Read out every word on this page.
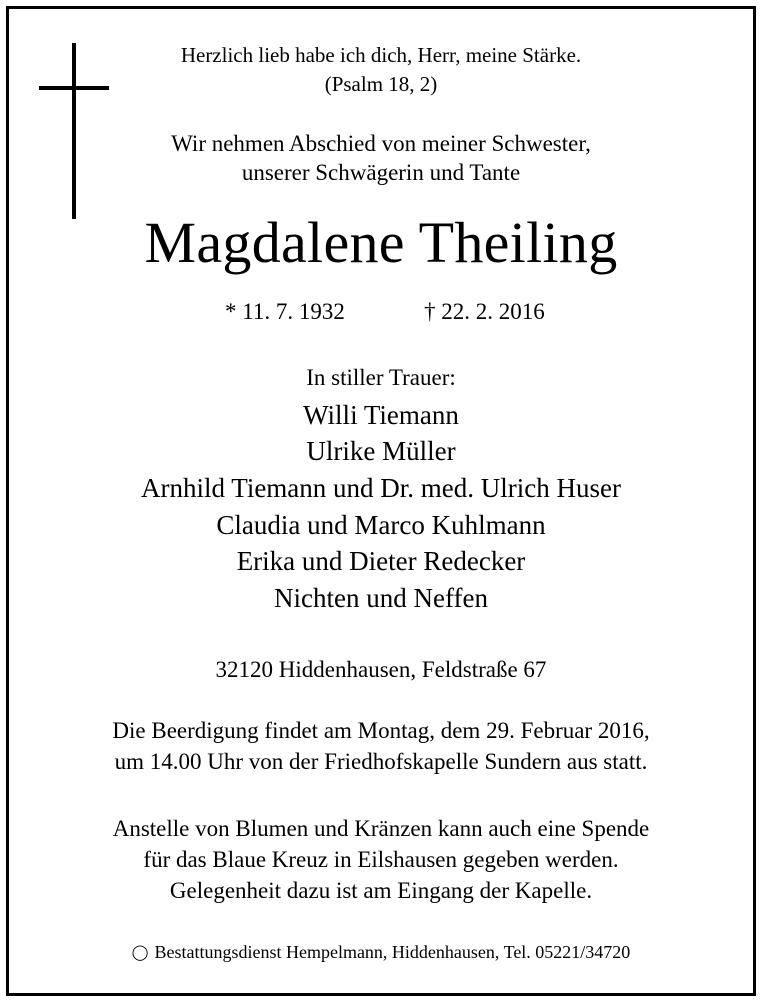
Herzlich lieb habe ich dich, Herr, meine Stärke.
(Psalm 18, 2)
Wir nehmen Abschied von meiner Schwester,
unserer Schwägerin und Tante
Magdalene Theiling
* 11. 7. 1932	† 22. 2. 2016
In stiller Trauer:
Willi Tiemann
Ulrike Müller
Arnhild Tiemann und Dr. med. Ulrich Huser
Claudia und Marco Kuhlmann
Erika und Dieter Redecker
Nichten und Neffen
32120 Hiddenhausen, Feldstraße 67
Die Beerdigung findet am Montag, dem 29. Februar 2016,
um 14.00 Uhr von der Friedhofskapelle Sundern aus statt.
Anstelle von Blumen und Kränzen kann auch eine Spende
für das Blaue Kreuz in Eilshausen gegeben werden.
Gelegenheit dazu ist am Eingang der Kapelle.
◯ Bestattungsdienst Hempelmann, Hiddenhausen, Tel. 05221/34720
